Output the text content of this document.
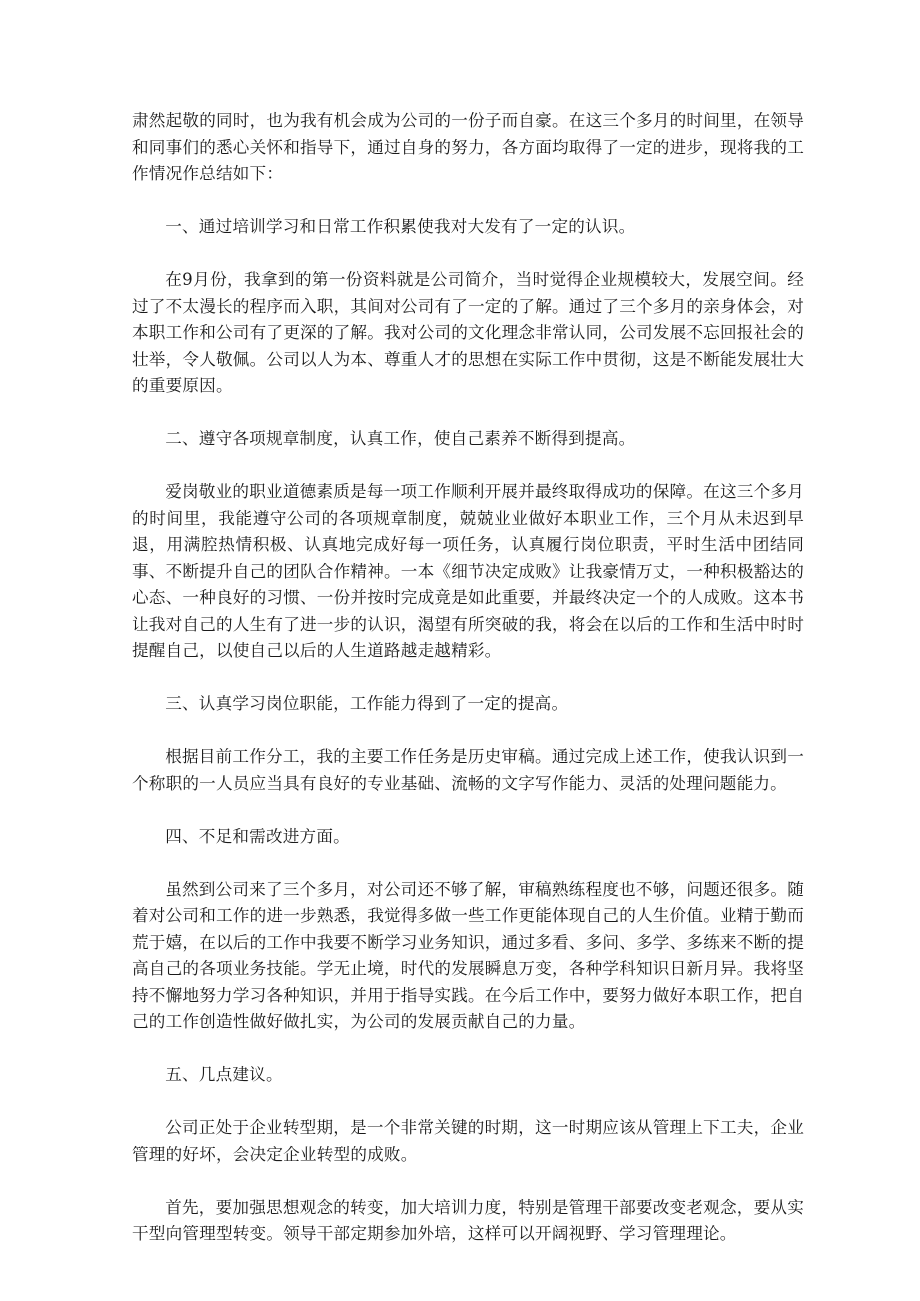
肃然起敬的同时，也为我有机会成为公司的一份子而自豪。在这三个多月的时间里，在领导和同事们的悉心关怀和指导下，通过自身的努力，各方面均取得了一定的进步，现将我的工作情况作总结如下：

一、通过培训学习和日常工作积累使我对大发有了一定的认识。

在9月份，我拿到的第一份资料就是公司简介，当时觉得企业规模较大，发展空间。经过了不太漫长的程序而入职，其间对公司有了一定的了解。通过了三个多月的亲身体会，对本职工作和公司有了更深的了解。我对公司的文化理念非常认同，公司发展不忘回报社会的壮举，令人敬佩。公司以人为本、尊重人才的思想在实际工作中贯彻，这是不断能发展壮大的重要原因。

二、遵守各项规章制度，认真工作，使自己素养不断得到提高。

爱岗敬业的职业道德素质是每一项工作顺利开展并最终取得成功的保障。在这三个多月的时间里，我能遵守公司的各项规章制度，兢兢业业做好本职业工作，三个月从未迟到早退，用满腔热情积极、认真地完成好每一项任务，认真履行岗位职责，平时生活中团结同事、不断提升自己的团队合作精神。一本《细节决定成败》让我豪情万丈，一种积极豁达的心态、一种良好的习惯、一份并按时完成竟是如此重要，并最终决定一个的人成败。这本书让我对自己的人生有了进一步的认识，渴望有所突破的我，将会在以后的工作和生活中时时提醒自己，以使自己以后的人生道路越走越精彩。

三、认真学习岗位职能，工作能力得到了一定的提高。

根据目前工作分工，我的主要工作任务是历史审稿。通过完成上述工作，使我认识到一个称职的一人员应当具有良好的专业基础、流畅的文字写作能力、灵活的处理问题能力。

四、不足和需改进方面。

虽然到公司来了三个多月，对公司还不够了解，审稿熟练程度也不够，问题还很多。随着对公司和工作的进一步熟悉，我觉得多做一些工作更能体现自己的人生价值。业精于勤而荒于嬉，在以后的工作中我要不断学习业务知识，通过多看、多问、多学、多练来不断的提高自己的各项业务技能。学无止境，时代的发展瞬息万变，各种学科知识日新月异。我将坚持不懈地努力学习各种知识，并用于指导实践。在今后工作中，要努力做好本职工作，把自己的工作创造性做好做扎实，为公司的发展贡献自己的力量。

五、几点建议。

公司正处于企业转型期，是一个非常关键的时期，这一时期应该从管理上下工夫，企业管理的好坏，会决定企业转型的成败。

首先，要加强思想观念的转变，加大培训力度，特别是管理干部要改变老观念，要从实干型向管理型转变。领导干部定期参加外培，这样可以开阔视野、学习管理理论。
